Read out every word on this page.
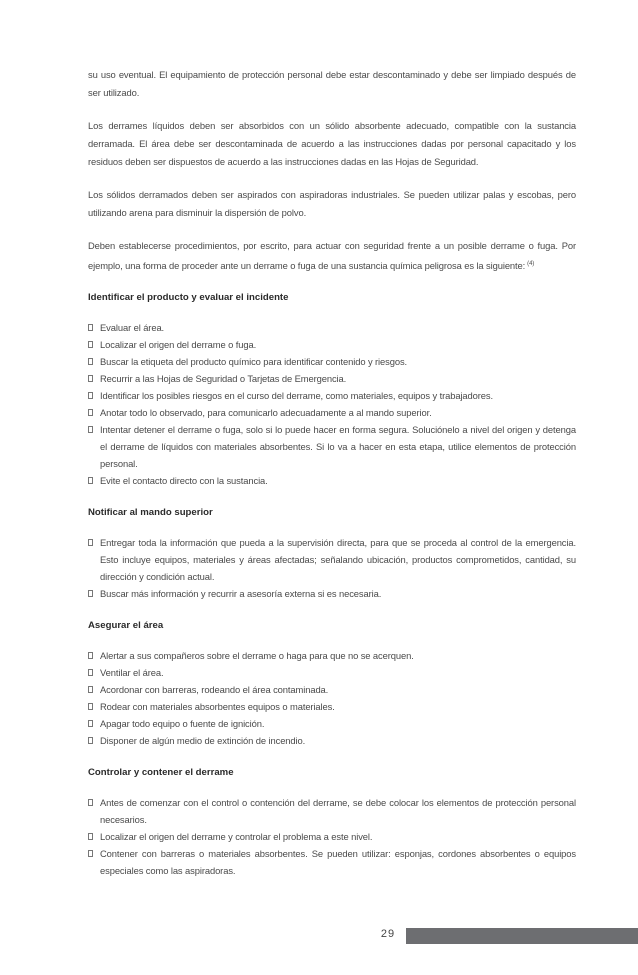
su uso eventual. El equipamiento de protección personal debe estar descontaminado y debe ser limpiado después de ser utilizado.

Los derrames líquidos deben ser absorbidos con un sólido absorbente adecuado, compatible con la sustancia derramada. El área debe ser descontaminada de acuerdo a las instrucciones dadas por personal capacitado y los residuos deben ser dispuestos de acuerdo a las instrucciones dadas en las Hojas de Seguridad.

Los sólidos derramados deben ser aspirados con aspiradoras industriales. Se pueden utilizar palas y escobas, pero utilizando arena para disminuir la dispersión de polvo.

Deben establecerse procedimientos, por escrito, para actuar con seguridad frente a un posible derrame o fuga. Por ejemplo, una forma de proceder ante un derrame o fuga de una sustancia química peligrosa es la siguiente: $^{(4)}$

Identificar el producto y evaluar el incidente
Evaluar el área.
Localizar el origen del derrame o fuga.
Buscar la etiqueta del producto químico para identificar contenido y riesgos.
Recurrir a las Hojas de Seguridad o Tarjetas de Emergencia.
Identificar los posibles riesgos en el curso del derrame, como materiales, equipos y trabajadores.
Anotar todo lo observado, para comunicarlo adecuadamente a al mando superior.
Intentar detener el derrame o fuga, solo si lo puede hacer en forma segura. Soluciónelo a nivel del origen y detenga el derrame de líquidos con materiales absorbentes. Si lo va a hacer en esta etapa, utilice elementos de protección personal.
Evite el contacto directo con la sustancia.
Notificar al mando superior
Entregar toda la información que pueda a la supervisión directa, para que se proceda al control de la emergencia. Esto incluye equipos, materiales y áreas afectadas; señalando ubicación, productos comprometidos, cantidad, su dirección y condición actual.
Buscar más información y recurrir a asesoría externa si es necesaria.
Asegurar el área
Alertar a sus compañeros sobre el derrame o haga para que no se acerquen.
Ventilar el área.
Acordonar con barreras, rodeando el área contaminada.
Rodear con materiales absorbentes equipos o materiales.
Apagar todo equipo o fuente de ignición.
Disponer de algún medio de extinción de incendio.
Controlar y contener el derrame
Antes de comenzar con el control o contención del derrame, se debe colocar los elementos de protección personal necesarios.
Localizar el origen del derrame y controlar el problema a este nivel.
Contener con barreras o materiales absorbentes. Se pueden utilizar: esponjas, cordones absorbentes o equipos especiales como las aspiradoras.
29
